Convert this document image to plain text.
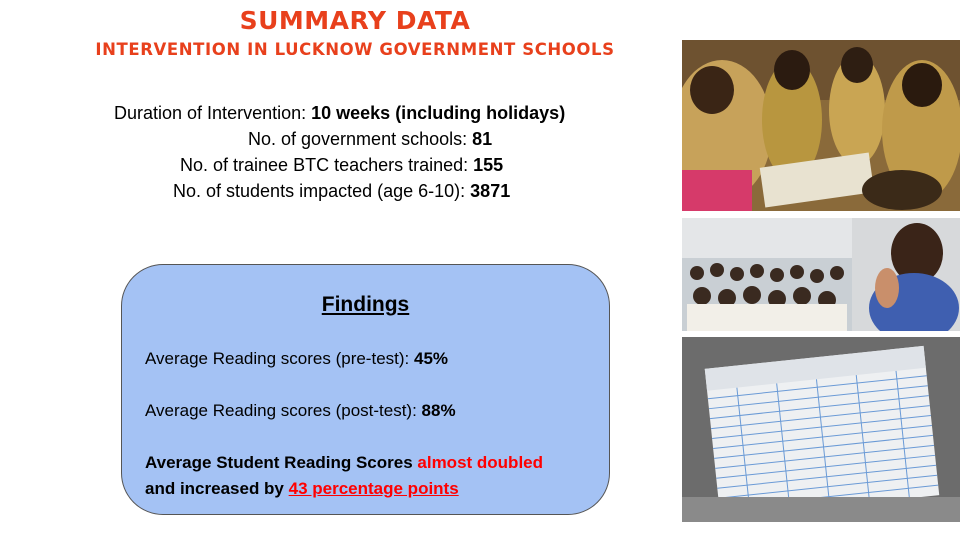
SUMMARY DATA
INTERVENTION IN LUCKNOW GOVERNMENT SCHOOLS
Duration of Intervention: 10 weeks (including holidays)
No. of government schools: 81
No. of trainee BTC teachers trained: 155
No. of students impacted (age 6-10): 3871
Findings
Average Reading scores (pre-test): 45%
Average Reading scores (post-test): 88%
Average Student Reading Scores almost doubled
and increased by 43 percentage points
